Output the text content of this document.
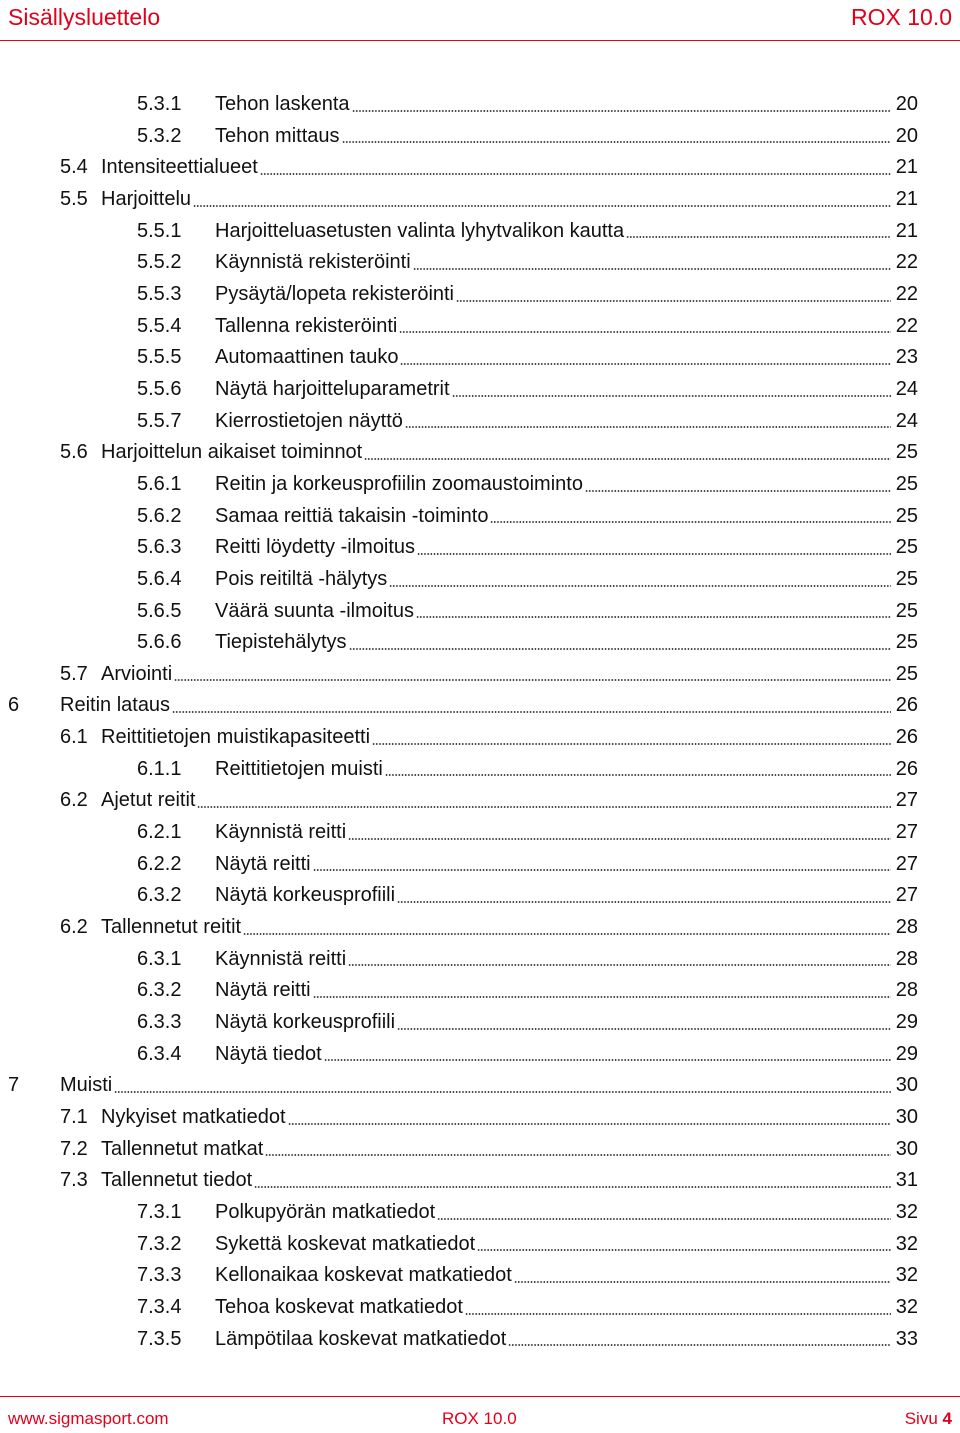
Sisällysluettelo	ROX 10.0
5.3.1	Tehon laskenta	20
5.3.2	Tehon mittaus	20
5.4 Intensiteettialueet	21
5.5 Harjoittelu	21
5.5.1	Harjoitteluasetusten valinta lyhytvalikon kautta	21
5.5.2	Käynnistä rekisteröinti	22
5.5.3	Pysäytä/lopeta rekisteröinti	22
5.5.4	Tallenna rekisteröinti	22
5.5.5	Automaattinen tauko	23
5.5.6	Näytä harjoitteluparametrit	24
5.5.7	Kierrostietojen näyttö	24
5.6 Harjoittelun aikaiset toiminnot	25
5.6.1	Reitin ja korkeusprofiilin zoomaustoiminto	25
5.6.2	Samaa reittiä takaisin -toiminto	25
5.6.3	Reitti löydetty -ilmoitus	25
5.6.4	Pois reitiltä -hälytys	25
5.6.5	Väärä suunta -ilmoitus	25
5.6.6	Tiepistehälytys	25
5.7 Arviointi	25
6	Reitin lataus	26
6.1 Reittitietojen muistikapasiteetti	26
6.1.1	Reittitietojen muisti	26
6.2 Ajetut reitit	27
6.2.1	Käynnistä reitti	27
6.2.2	Näytä reitti	27
6.3.2	Näytä korkeusprofiili	27
6.2 Tallennetut reitit	28
6.3.1	Käynnistä reitti	28
6.3.2	Näytä reitti	28
6.3.3	Näytä korkeusprofiili	29
6.3.4	Näytä tiedot	29
7	Muisti	30
7.1 Nykyiset matkatiedot	30
7.2 Tallennetut matkat	30
7.3 Tallennetut tiedot	31
7.3.1	Polkupyörän matkatiedot	32
7.3.2	Sykettä koskevat matkatiedot	32
7.3.3	Kellonaikaa koskevat matkatiedot	32
7.3.4	Tehoa koskevat matkatiedot	32
7.3.5	Lämpötilaa koskevat matkatiedot	33
www.sigmasport.com	ROX 10.0	Sivu 4
